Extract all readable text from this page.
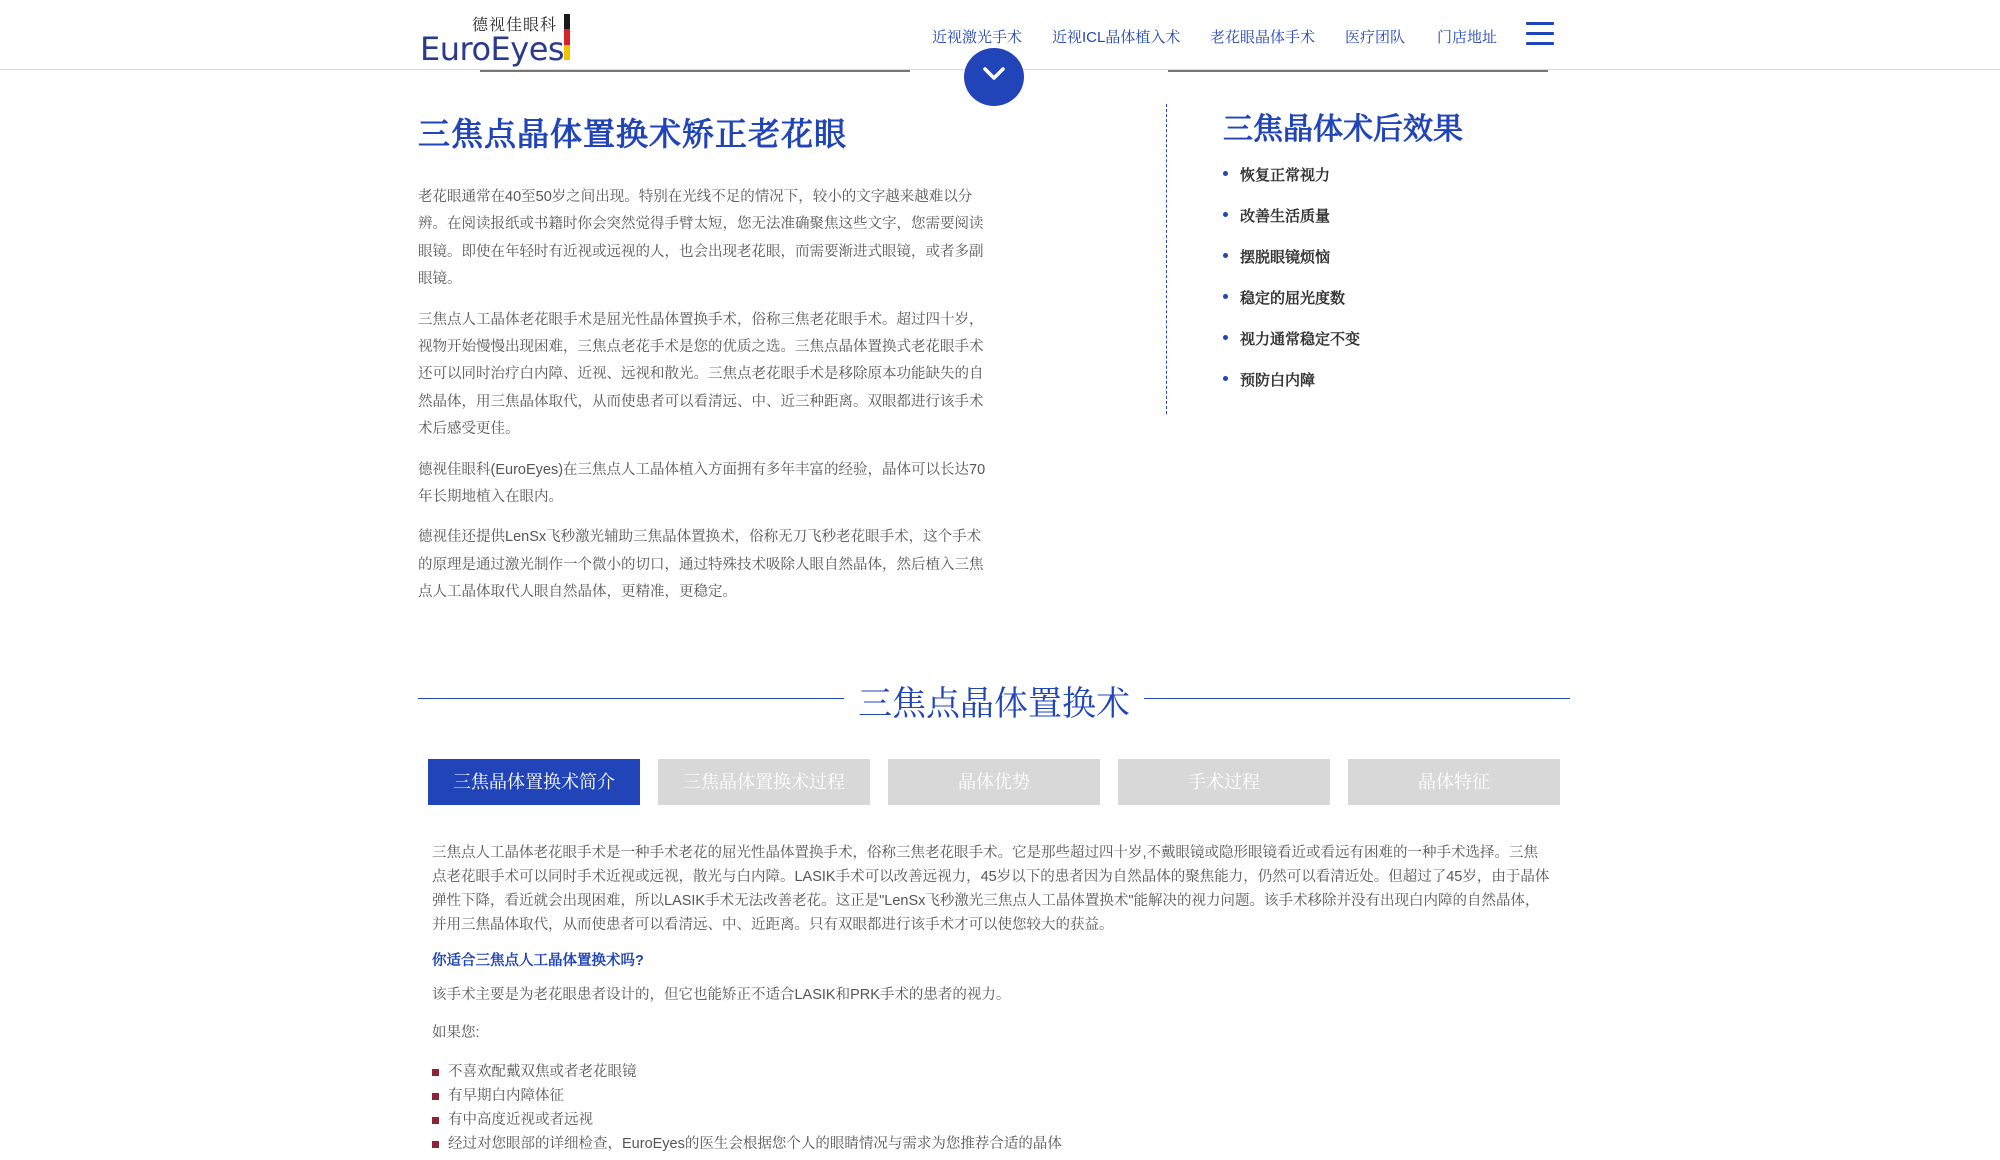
德视佳眼科
EuroEyes	近视激光手术 近视ICL晶体植入术 老花眼晶体手术 医疗团队 门店地址
三焦点晶体置换术矫正老花眼

老花眼通常在40至50岁之间出现。特别在光线不足的情况下，较小的文字越来越难以分辨。在阅读报纸或书籍时你会突然觉得手臂太短，您无法准确聚焦这些文字，您需要阅读眼镜。即使在年轻时有近视或远视的人，也会出现老花眼，而需要渐进式眼镜，或者多副眼镜。

三焦点人工晶体老花眼手术是屈光性晶体置换手术，俗称三焦老花眼手术。超过四十岁，视物开始慢慢出现困难，三焦点老花手术是您的优质之选。三焦点晶体置换式老花眼手术还可以同时治疗白内障、近视、远视和散光。三焦点老花眼手术是移除原本功能缺失的自然晶体，用三焦晶体取代，从而使患者可以看清远、中、近三种距离。双眼都进行该手术术后感受更佳。

德视佳眼科(EuroEyes)在三焦点人工晶体植入方面拥有多年丰富的经验，晶体可以长达70年长期地植入在眼内。

德视佳还提供LenSx飞秒激光辅助三焦晶体置换术，俗称无刀飞秒老花眼手术，这个手术的原理是通过激光制作一个微小的切口，通过特殊技术吸除人眼自然晶体，然后植入三焦点人工晶体取代人眼自然晶体，更精准，更稳定。

三焦晶体术后效果
恢复正常视力
改善生活质量
摆脱眼镜烦恼
稳定的屈光度数
视力通常稳定不变
预防白内障
三焦点晶体置换术
三焦晶体置换术简介	三焦晶体置换术过程	晶体优势	手术过程	晶体特征

三焦点人工晶体老花眼手术是一种手术老花的屈光性晶体置换手术，俗称三焦老花眼手术。它是那些超过四十岁,不戴眼镜或隐形眼镜看近或看远有困难的一种手术选择。三焦点老花眼手术可以同时手术近视或远视，散光与白内障。LASIK手术可以改善远视力，45岁以下的患者因为自然晶体的聚焦能力，仍然可以看清近处。但超过了45岁，由于晶体弹性下降，看近就会出现困难，所以LASIK手术无法改善老花。这正是"LenSx飞秒激光三焦点人工晶体置换术"能解决的视力问题。该手术移除并没有出现白内障的自然晶体，并用三焦晶体取代，从而使患者可以看清远、中、近距离。只有双眼都进行该手术才可以使您较大的获益。

你适合三焦点人工晶体置换术吗?

该手术主要是为老花眼患者设计的，但它也能矫正不适合LASIK和PRK手术的患者的视力。

如果您:

不喜欢配戴双焦或者老花眼镜
有早期白内障体征
有中高度近视或者远视
经过对您眼部的详细检查，EuroEyes的医生会根据您个人的眼睛情况与需求为您推荐合适的晶体
